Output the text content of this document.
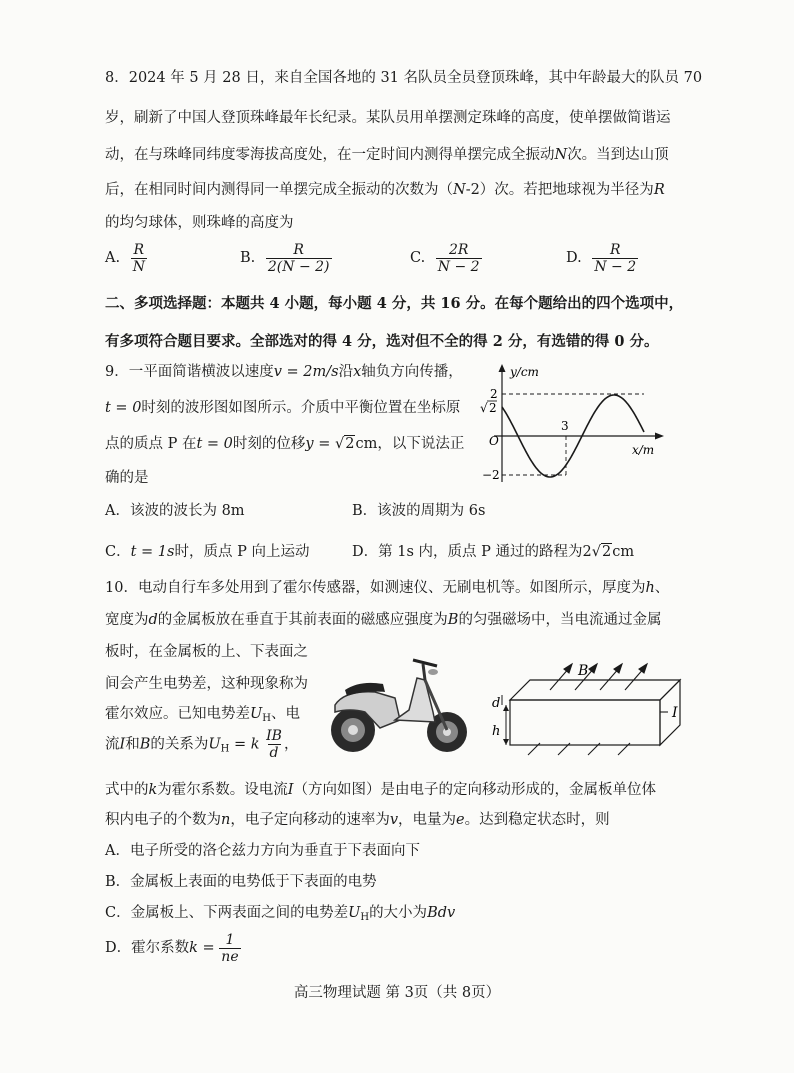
8．2024 年 5 月 28 日，来自全国各地的 31 名队员全员登顶珠峰，其中年龄最大的队员 70
岁，刷新了中国人登顶珠峰最年长纪录。某队员用单摆测定珠峰的高度，使单摆做简谐运
动，在与珠峰同纬度零海拔高度处，在一定时间内测得单摆完成全振动N次。当到达山顶
后，在相同时间内测得同一单摆完成全振动的次数为（N-2）次。若把地球视为半径为R
的均匀球体，则珠峰的高度为
A. $\frac{R}{N}$	B. $\frac{R}{2(N - 2)}$	C. $\frac{2R}{N - 2}$	D. $\frac{R}{N - 2}$
二、多项选择题：本题共 4 小题，每小题 4 分，共 16 分。在每个题给出的四个选项中，
有多项符合题目要求。全部选对的得 4 分，选对但不全的得 2 分，有选错的得 0 分。
9．一平面简谐横波以速度v = 2m/s沿x轴负方向传播，
t = 0时刻的波形图如图所示。介质中平衡位置在坐标原
点的质点 P 在t = 0时刻的位移y = √2cm，以下说法正
确的是
y/cm
x/m
O
2
√ 2
−2
3
A．该波的波长为 8m	B．该波的周期为 6s
C．t = 1s时，质点 P 向上运动	D．第 1s 内，质点 P 通过的路程为2√2cm
10．电动自行车多处用到了霍尔传感器，如测速仪、无刷电机等。如图所示，厚度为h、
宽度为d的金属板放在垂直于其前表面的磁感应强度为B的匀强磁场中，当电流通过金属
板时，在金属板的上、下表面之
间会产生电势差，这种现象称为
霍尔效应。已知电势差$U_H$、电
流I和B的关系为$U_H = k \frac{IB}{d}$ ，
d
h
B
I
式中的k为霍尔系数。设电流I（方向如图）是由电子的定向移动形成的，金属板单位体
积内电子的个数为n，电子定向移动的速率为v，电量为e。达到稳定状态时，则
A．电子所受的洛仑兹力方向为垂直于下表面向下
B．金属板上表面的电势低于下表面的电势
C．金属板上、下两表面之间的电势差$U_H$的大小为Bdv
D．霍尔系数$k = \frac{1}{ne}$
高三物理试题 第 3页（共 8页）
